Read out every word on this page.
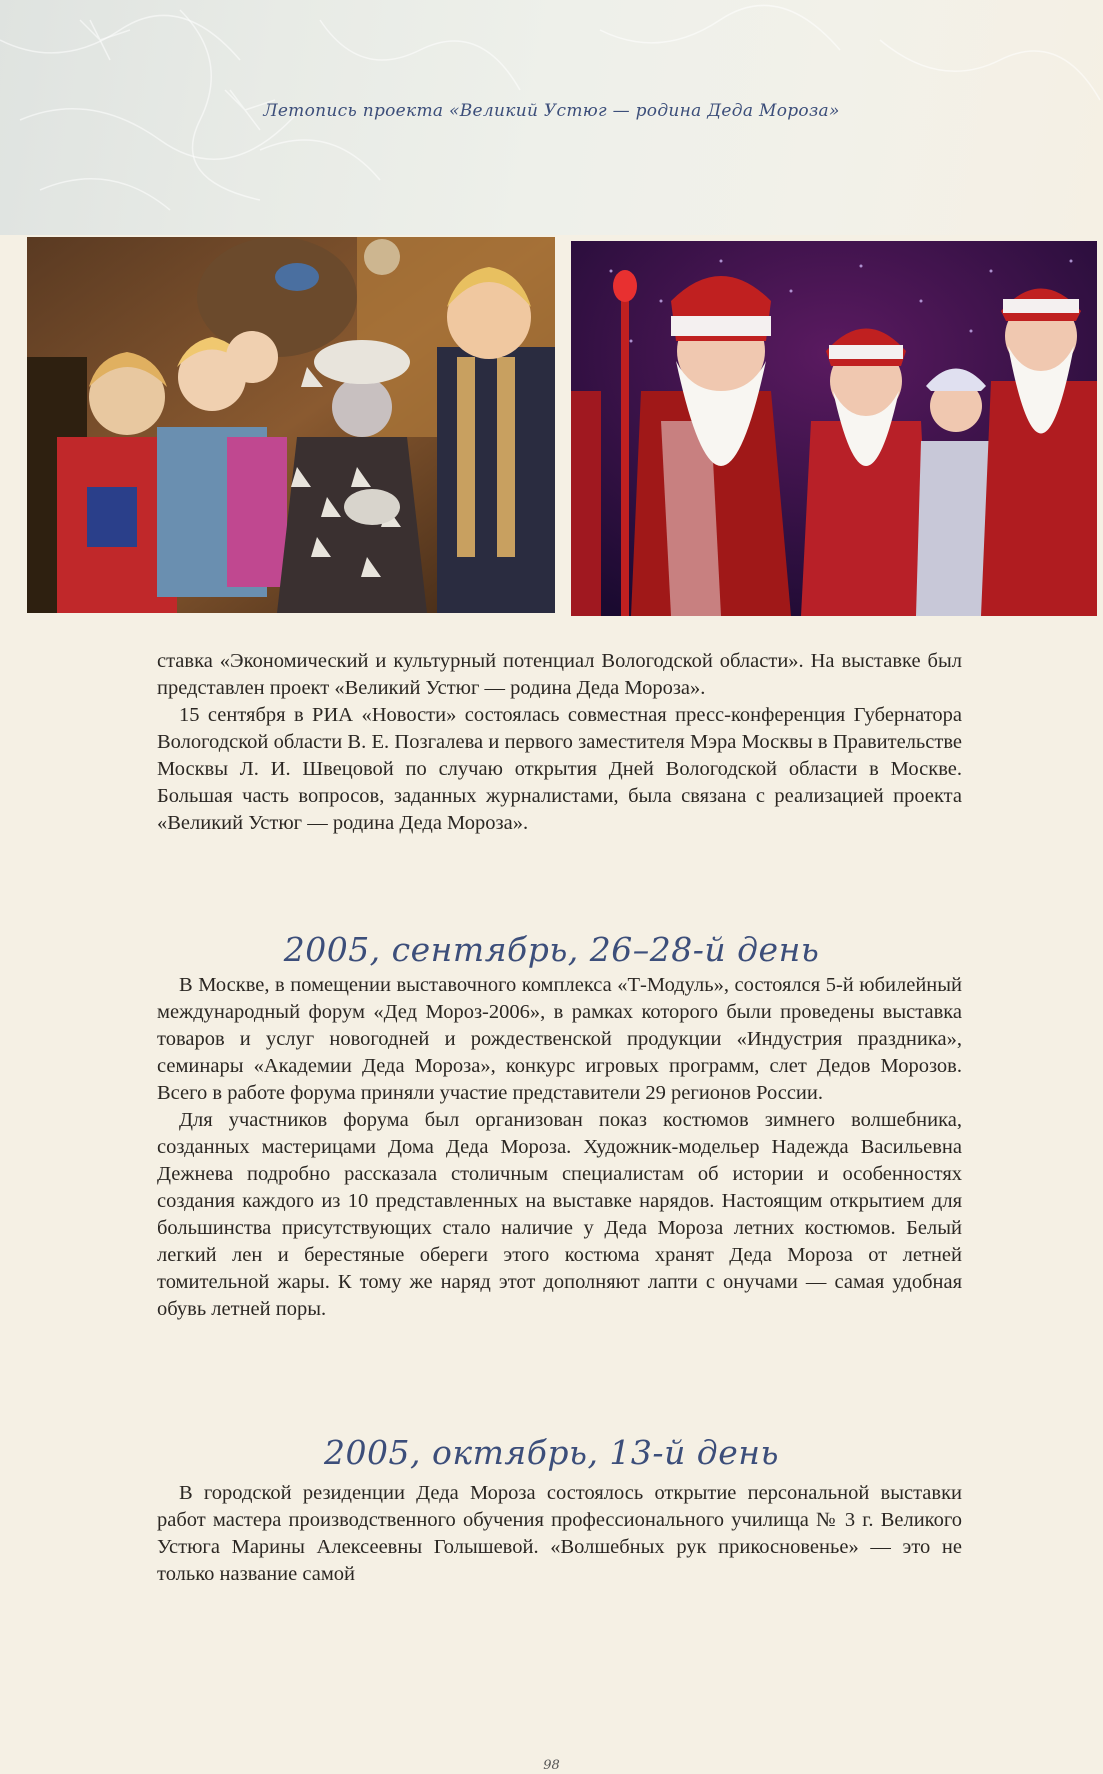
Летопись проекта «Великий Устюг — родина Деда Мороза»

ставка «Экономический и культурный потенциал Вологодской области». На выставке был представлен проект «Великий Устюг — родина Деда Мороза».

15 сентября в РИА «Новости» состоялась совместная пресс-конференция Губернатора Вологодской области В. Е. Позгалева и первого заместителя Мэра Москвы в Правительстве Москвы Л. И. Швецовой по случаю открытия Дней Вологодской области в Москве. Большая часть вопросов, заданных журналистами, была связана с реализацией проекта «Великий Устюг — родина Деда Мороза».

2005, сентябрь, 26–28-й день

В Москве, в помещении выставочного комплекса «Т-Модуль», состоялся 5-й юбилейный международный форум «Дед Мороз-2006», в рамках которого были проведены выставка товаров и услуг новогодней и рождественской продукции «Индустрия праздника», семинары «Академии Деда Мороза», конкурс игровых программ, слет Дедов Морозов. Всего в работе форума приняли участие представители 29 регионов России.

Для участников форума был организован показ костюмов зимнего волшебника, созданных мастерицами Дома Деда Мороза. Художник-модельер Надежда Васильевна Дежнева подробно рассказала столичным специалистам об истории и особенностях создания каждого из 10 представленных на выставке нарядов. Настоящим открытием для большинства присутствующих стало наличие у Деда Мороза летних костюмов. Белый легкий лен и берестяные обереги этого костюма хранят Деда Мороза от летней томительной жары. К тому же наряд этот дополняют лапти с онучами — самая удобная обувь летней поры.

2005, октябрь, 13-й день

В городской резиденции Деда Мороза состоялось открытие персональной выставки работ мастера производственного обучения профессионального училища № 3 г. Великого Устюга Марины Алексеевны Голышевой. «Волшебных рук прикосновенье» — это не только название самой

98
